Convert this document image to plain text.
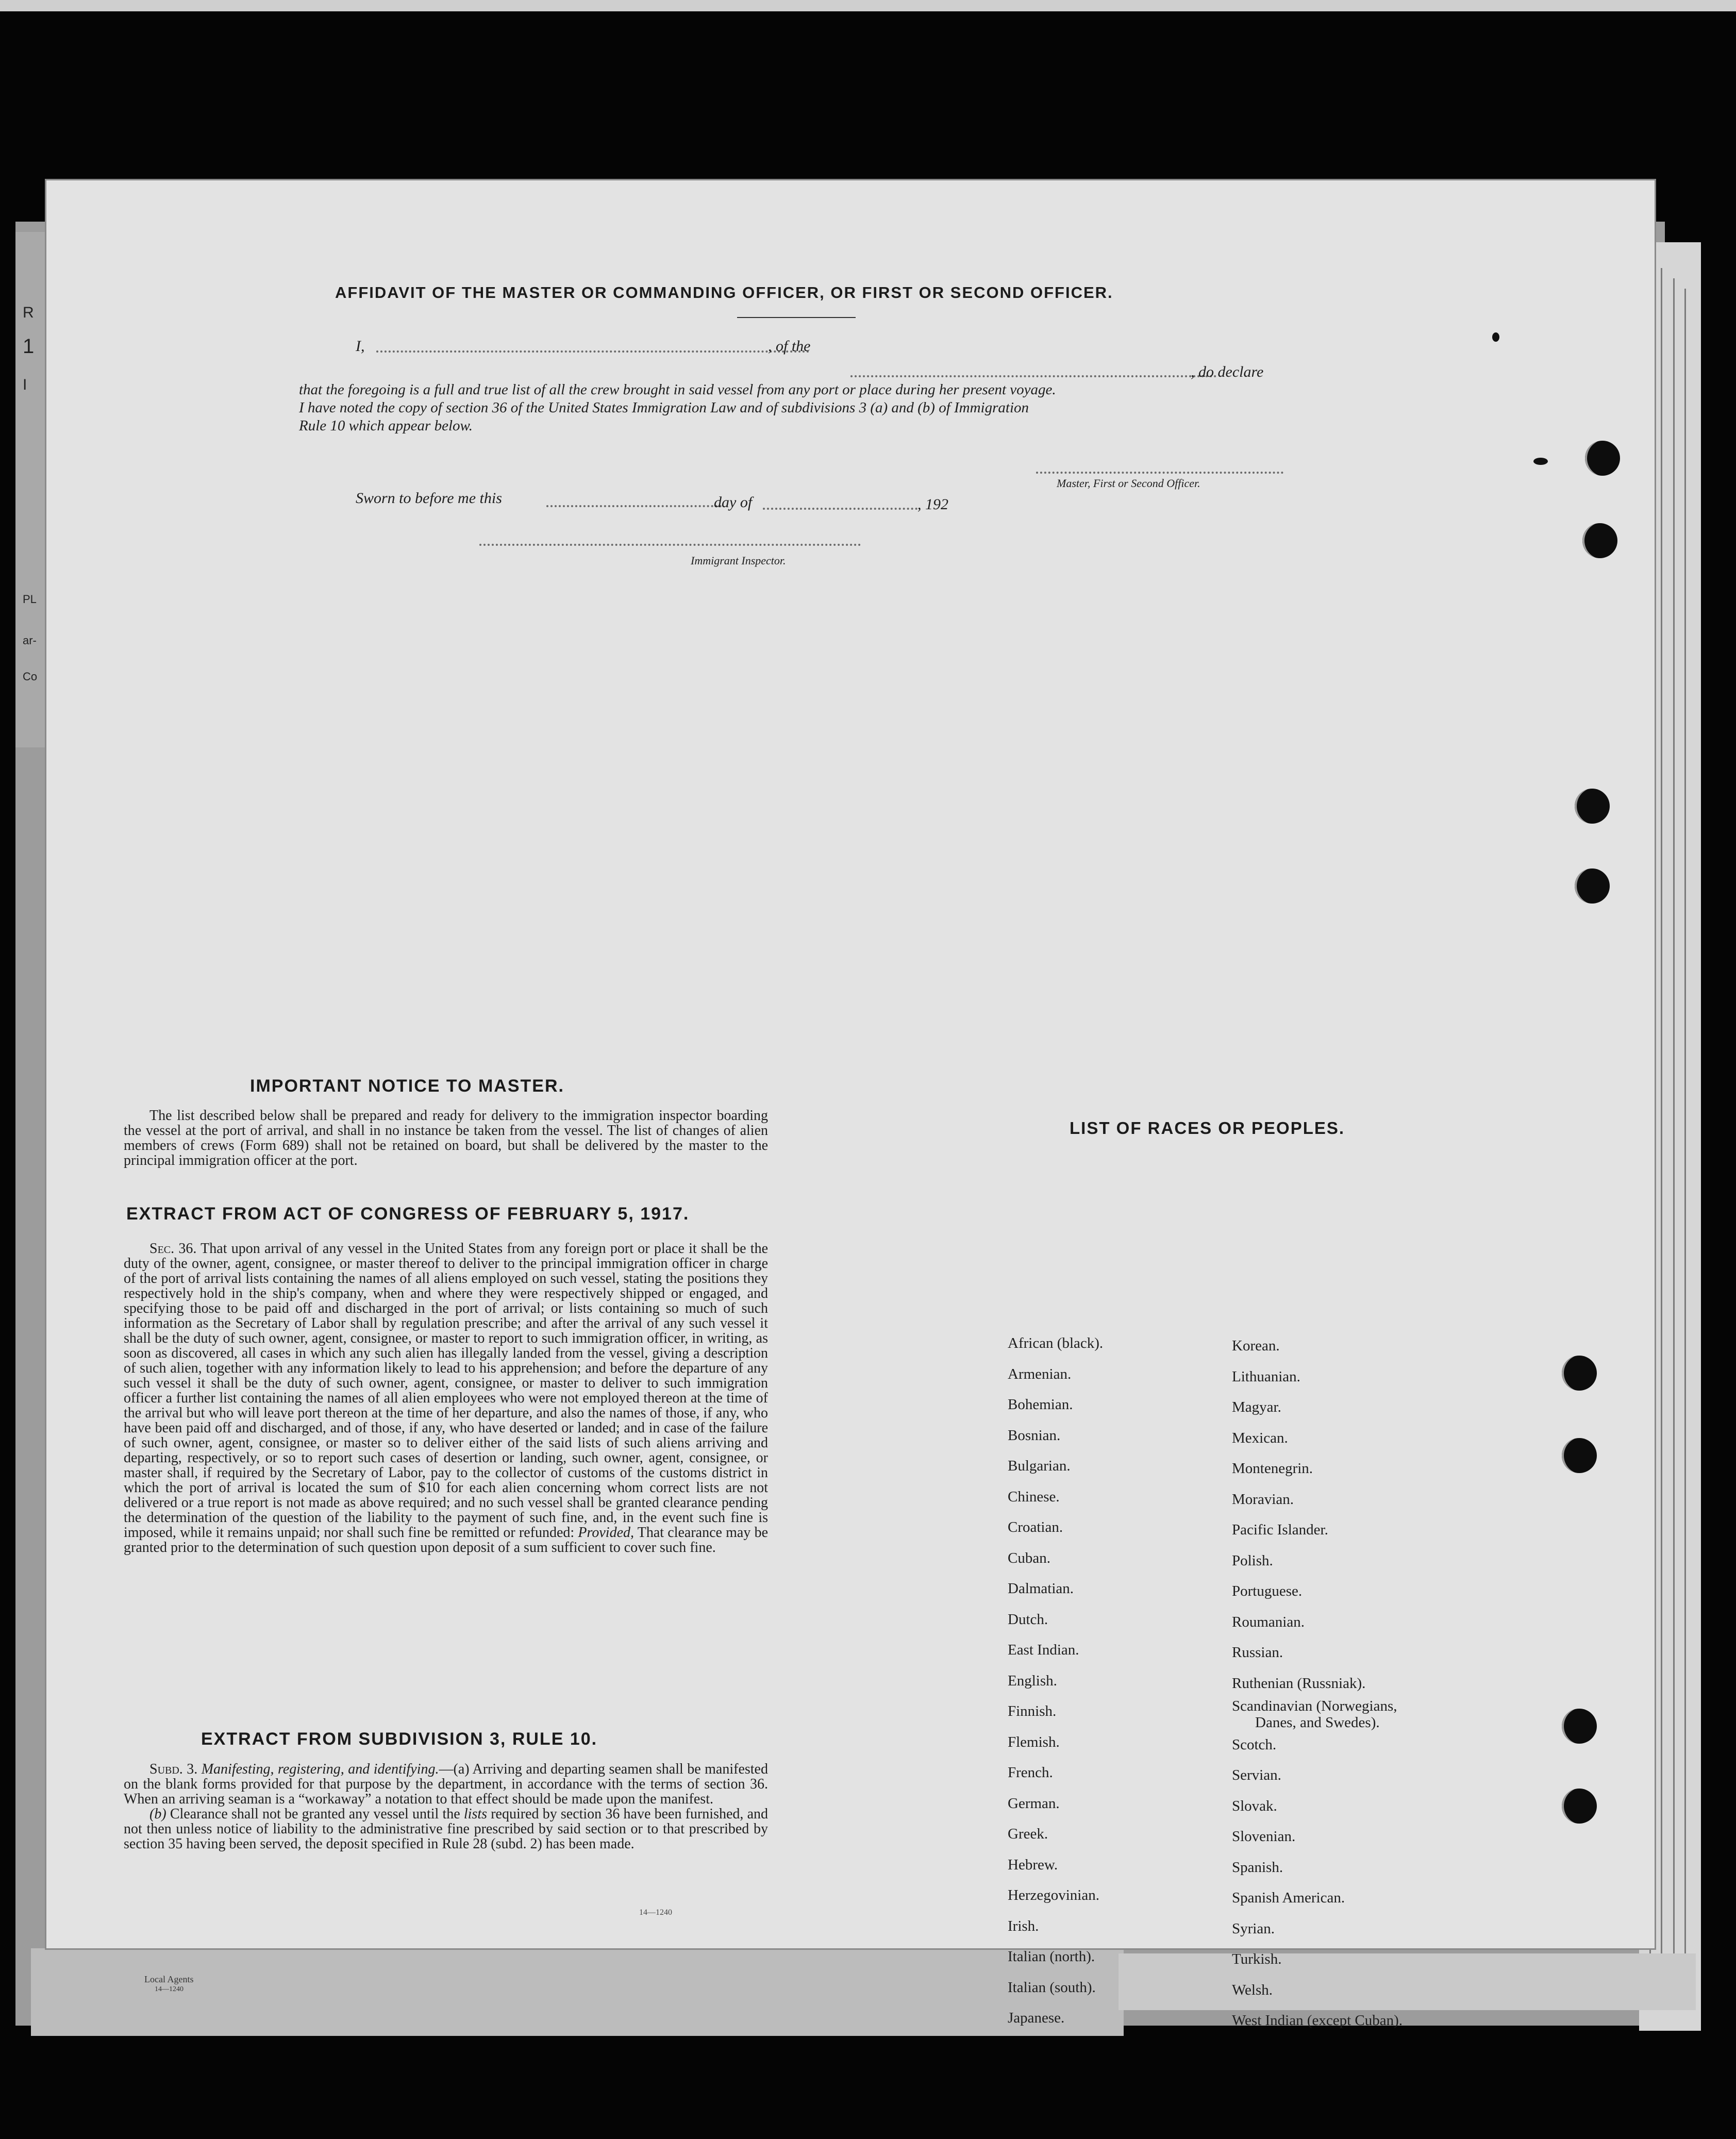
R
1
I
PL
ar-
Co
AFFIDAVIT OF THE MASTER OR COMMANDING OFFICER, OR FIRST OR SECOND OFFICER.
I,	, of the
, do declare
that the foregoing is a full and true list of all the crew brought in said vessel from any port or place during her present voyage.
I have noted the copy of section 36 of the United States Immigration Law and of subdivisions 3 (a) and (b) of Immigration
Rule 10 which appear below.
Master, First or Second Officer.
Sworn to before me this	day of	, 192
Immigrant Inspector.
IMPORTANT NOTICE TO MASTER.

The list described below shall be prepared and ready for delivery to the immigration inspector boarding the vessel at the port of arrival, and shall in no instance be taken from the vessel. The list of changes of alien members of crews (Form 689) shall not be retained on board, but shall be delivered by the master to the principal immigration officer at the port.

EXTRACT FROM ACT OF CONGRESS OF FEBRUARY 5, 1917.

Sec. 36. That upon arrival of any vessel in the United States from any foreign port or place it shall be the duty of the owner, agent, consignee, or master thereof to deliver to the principal immigration officer in charge of the port of arrival lists containing the names of all aliens employed on such vessel, stating the positions they respectively hold in the ship's company, when and where they were respectively shipped or engaged, and specifying those to be paid off and discharged in the port of arrival; or lists containing so much of such information as the Secretary of Labor shall by regulation prescribe; and after the arrival of any such vessel it shall be the duty of such owner, agent, consignee, or master to report to such immigration officer, in writing, as soon as discovered, all cases in which any such alien has illegally landed from the vessel, giving a description of such alien, together with any information likely to lead to his apprehension; and before the departure of any such vessel it shall be the duty of such owner, agent, consignee, or master to deliver to such immigration officer a further list containing the names of all alien employees who were not employed thereon at the time of the arrival but who will leave port thereon at the time of her departure, and also the names of those, if any, who have been paid off and discharged, and of those, if any, who have deserted or landed; and in case of the failure of such owner, agent, consignee, or master so to deliver either of the said lists of such aliens arriving and departing, respectively, or so to report such cases of desertion or landing, such owner, agent, consignee, or master shall, if required by the Secretary of Labor, pay to the collector of customs of the customs district in which the port of arrival is located the sum of $10 for each alien concerning whom correct lists are not delivered or a true report is not made as above required; and no such vessel shall be granted clearance pending the determination of the question of the liability to the payment of such fine, and, in the event such fine is imposed, while it remains unpaid; nor shall such fine be remitted or refunded: Provided, That clearance may be granted prior to the determination of such question upon deposit of a sum sufficient to cover such fine.

EXTRACT FROM SUBDIVISION 3, RULE 10.

Subd. 3. Manifesting, registering, and identifying.—(a) Arriving and departing seamen shall be manifested on the blank forms provided for that purpose by the department, in accordance with the terms of section 36. When an arriving seaman is a “workaway” a notation to that effect should be made upon the manifest.

(b) Clearance shall not be granted any vessel until the lists required by section 36 have been furnished, and not then unless notice of liability to the administrative fine prescribed by said section or to that prescribed by section 35 having been served, the deposit specified in Rule 28 (subd. 2) has been made.

14—1240
LIST OF RACES OR PEOPLES.
African (black).
Armenian.
Bohemian.
Bosnian.
Bulgarian.
Chinese.
Croatian.
Cuban.
Dalmatian.
Dutch.
East Indian.
English.
Finnish.
Flemish.
French.
German.
Greek.
Hebrew.
Herzegovinian.
Irish.
Italian (north).
Italian (south).
Japanese.
Korean.
Lithuanian.
Magyar.
Mexican.
Montenegrin.
Moravian.
Pacific Islander.
Polish.
Portuguese.
Roumanian.
Russian.
Ruthenian (Russniak).
Scandinavian (Norwegians,
Danes, and Swedes).
Scotch.
Servian.
Slovak.
Slovenian.
Spanish.
Spanish American.
Syrian.
Turkish.
Welsh.
West Indian (except Cuban).
Local Agents
14—1240
